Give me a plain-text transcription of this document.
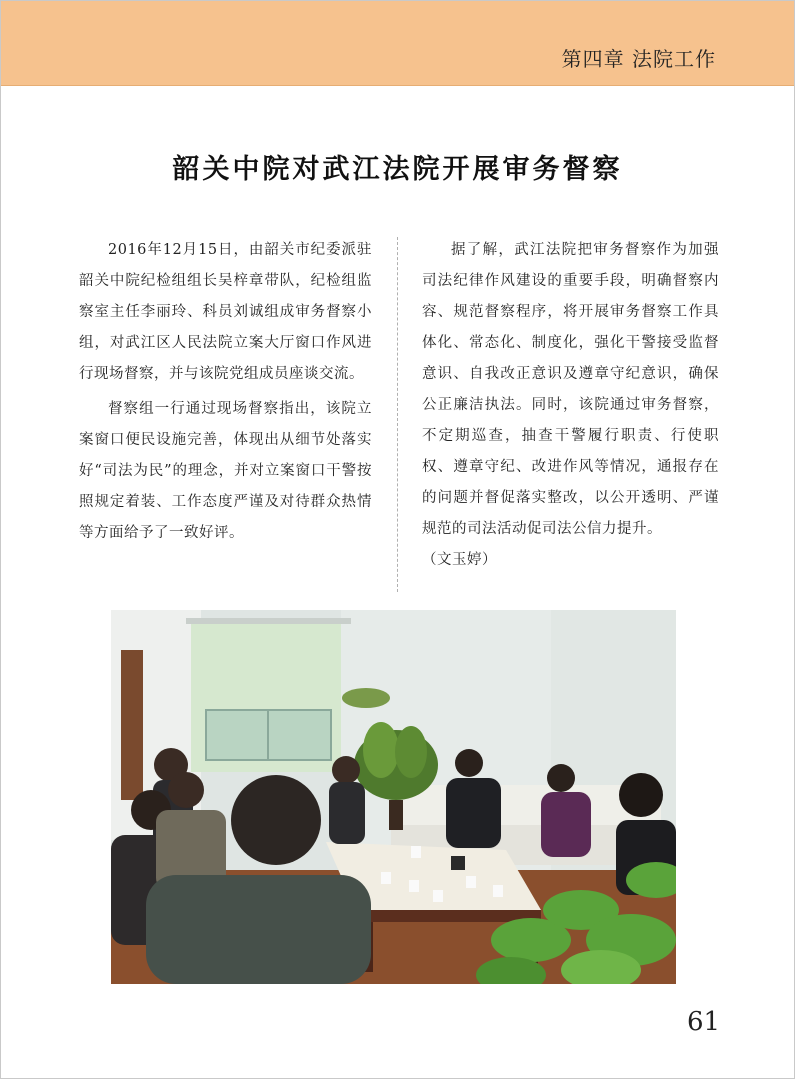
第四章 法院工作
韶关中院对武江法院开展审务督察

2016年12月15日，由韶关市纪委派驻韶关中院纪检组组长吴梓章带队，纪检组监察室主任李丽玲、科员刘诚组成审务督察小组，对武江区人民法院立案大厅窗口作风进行现场督察，并与该院党组成员座谈交流。

督察组一行通过现场督察指出，该院立案窗口便民设施完善，体现出从细节处落实好“司法为民”的理念，并对立案窗口干警按照规定着装、工作态度严谨及对待群众热情等方面给予了一致好评。

据了解，武江法院把审务督察作为加强司法纪律作风建设的重要手段，明确督察内容、规范督察程序，将开展审务督察工作具体化、常态化、制度化，强化干警接受监督意识、自我改正意识及遵章守纪意识，确保公正廉洁执法。同时，该院通过审务督察，不定期巡查，抽查干警履行职责、行使职权、遵章守纪、改进作风等情况，通报存在的问题并督促落实整改，以公开透明、严谨规范的司法活动促司法公信力提升。

（文玉婷）

61
